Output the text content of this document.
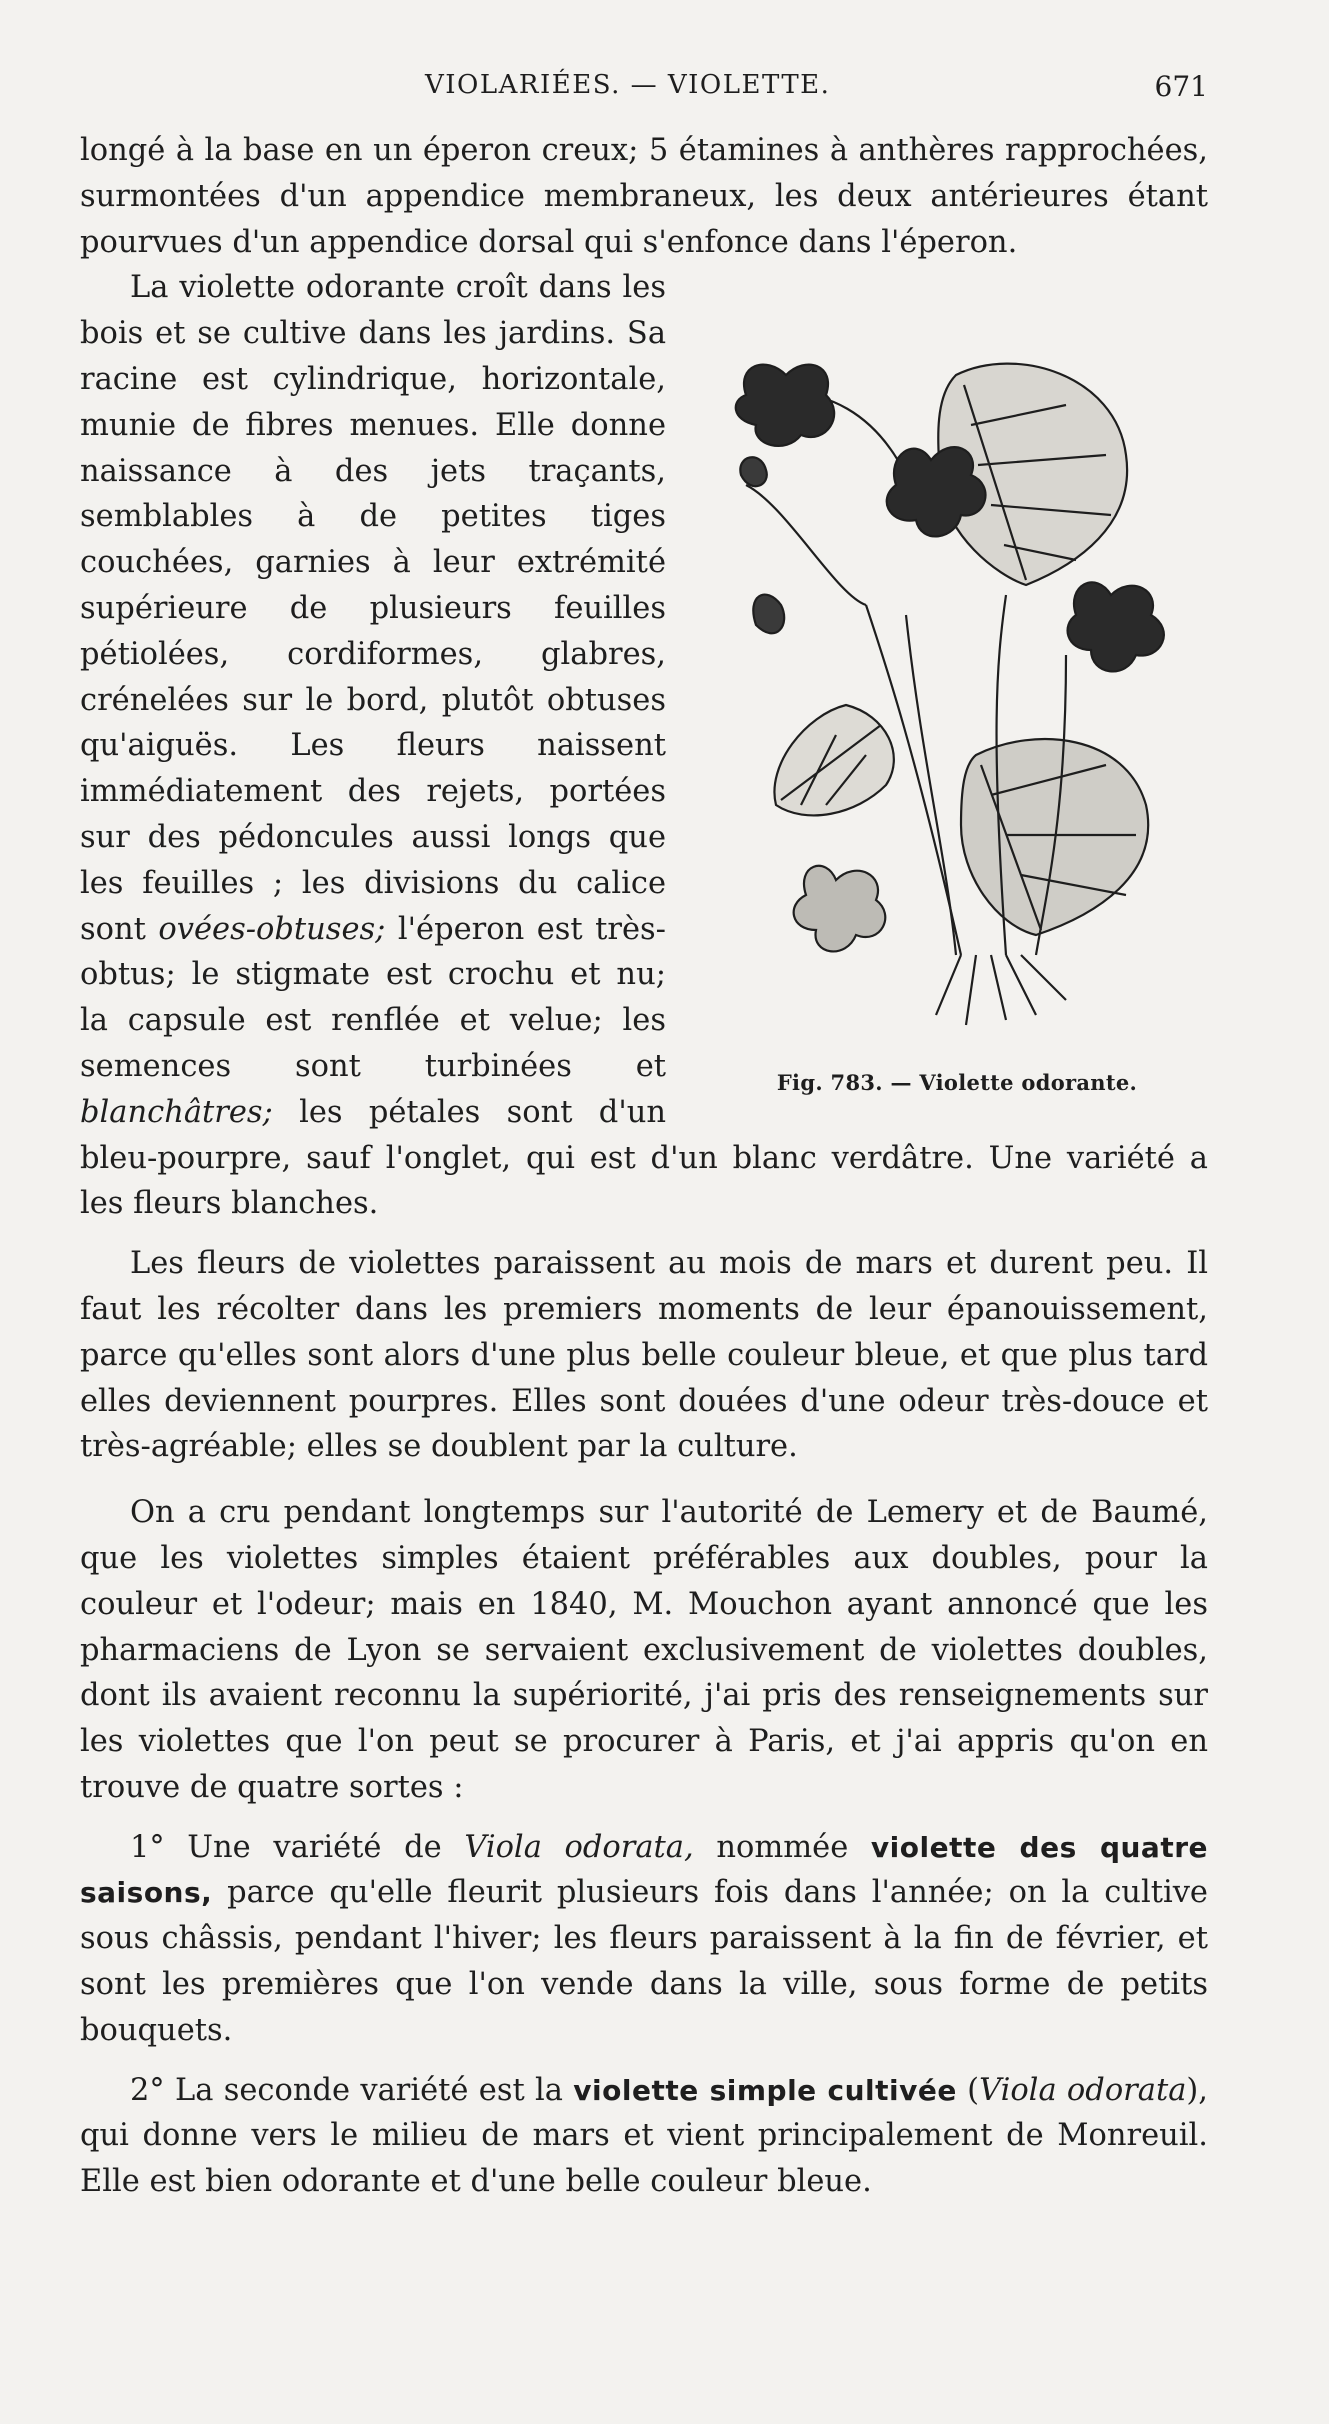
VIOLARIÉES. — VIOLETTE.	671

longé à la base en un éperon creux; 5 étamines à anthères rapprochées, surmontées d'un appendice membraneux, les deux antérieures étant pourvues d'un appendice dorsal qui s'enfonce dans l'éperon.

Fig. 783. — Violette odorante.

La violette odorante croît dans les bois et se cultive dans les jardins. Sa racine est cylindrique, horizontale, munie de fibres menues. Elle donne naissance à des jets traçants, semblables à de petites tiges couchées, garnies à leur extrémité supérieure de plusieurs feuilles pétiolées, cordiformes, glabres, crénelées sur le bord, plutôt obtuses qu'aiguës. Les fleurs naissent immédiatement des rejets, portées sur des pédoncules aussi longs que les feuilles ; les divisions du calice sont ovées-obtuses; l'éperon est très-obtus; le stigmate est crochu et nu; la capsule est renflée et velue; les semences sont turbinées et blanchâtres; les pétales sont d'un bleu-pourpre, sauf l'onglet, qui est d'un blanc verdâtre. Une variété a les fleurs blanches.

Les fleurs de violettes paraissent au mois de mars et durent peu. Il faut les récolter dans les premiers moments de leur épanouissement, parce qu'elles sont alors d'une plus belle couleur bleue, et que plus tard elles deviennent pourpres. Elles sont douées d'une odeur très-douce et très-agréable; elles se doublent par la culture.

On a cru pendant longtemps sur l'autorité de Lemery et de Baumé, que les violettes simples étaient préférables aux doubles, pour la couleur et l'odeur; mais en 1840, M. Mouchon ayant annoncé que les pharmaciens de Lyon se servaient exclusivement de violettes doubles, dont ils avaient reconnu la supériorité, j'ai pris des renseignements sur les violettes que l'on peut se procurer à Paris, et j'ai appris qu'on en trouve de quatre sortes :

1° Une variété de Viola odorata, nommée violette des quatre saisons, parce qu'elle fleurit plusieurs fois dans l'année; on la cultive sous châssis, pendant l'hiver; les fleurs paraissent à la fin de février, et sont les premières que l'on vende dans la ville, sous forme de petits bouquets.

2° La seconde variété est la violette simple cultivée (Viola odorata), qui donne vers le milieu de mars et vient principalement de Monreuil. Elle est bien odorante et d'une belle couleur bleue.
